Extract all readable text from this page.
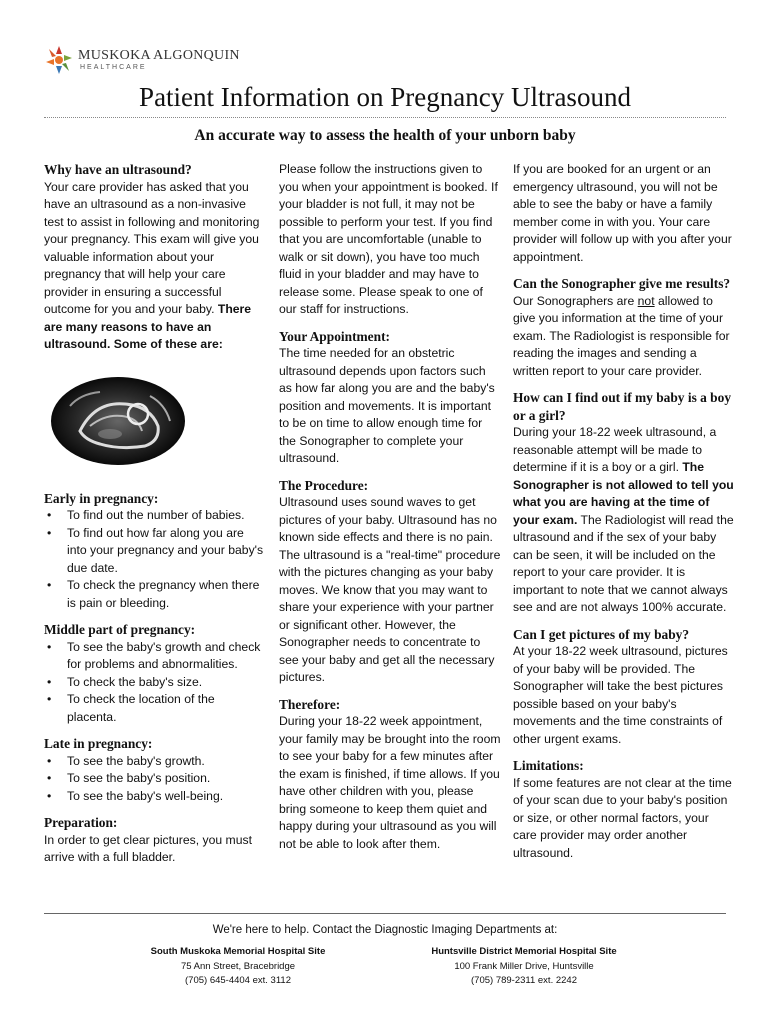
MUSKOKA ALGONQUIN
HEALTHCARE
Patient Information on Pregnancy Ultrasound
An accurate way to assess the health of your unborn baby
Why have an ultrasound?

Your care provider has asked that you have an ultrasound as a non-invasive test to assist in following and monitoring your pregnancy. This exam will give you valuable information about your pregnancy that will help your care provider in ensuring a successful outcome for you and your baby. There are many reasons to have an ultrasound. Some of these are:

Early in pregnancy:
• To find out the number of babies.
• To find out how far along you are into your pregnancy and your baby's due date.
• To check the pregnancy when there is pain or bleeding.
Middle part of pregnancy:
• To see the baby's growth and check for problems and abnormalities.
• To check the baby's size.
• To check the location of the placenta.
Late in pregnancy:
• To see the baby's growth.
• To see the baby's position.
• To see the baby's well-being.
Preparation:

In order to get clear pictures, you must arrive with a full bladder.

Please follow the instructions given to you when your appointment is booked. If your bladder is not full, it may not be possible to perform your test. If you find that you are uncomfortable (unable to walk or sit down), you have too much fluid in your bladder and may have to release some. Please speak to one of our staff for instructions.

Your Appointment:

The time needed for an obstetric ultrasound depends upon factors such as how far along you are and the baby's position and movements. It is important to be on time to allow enough time for the Sonographer to complete your ultrasound.

The Procedure:

Ultrasound uses sound waves to get pictures of your baby. Ultrasound has no known side effects and there is no pain. The ultrasound is a "real-time" procedure with the pictures changing as your baby moves. We know that you may want to share your experience with your partner or significant other. However, the Sonographer needs to concentrate to see your baby and get all the necessary pictures.

Therefore:

During your 18-22 week appointment, your family may be brought into the room to see your baby for a few minutes after the exam is finished, if time allows. If you have other children with you, please bring someone to keep them quiet and happy during your ultrasound as you will not be able to look after them.

If you are booked for an urgent or an emergency ultrasound, you will not be able to see the baby or have a family member come in with you. Your care provider will follow up with you after your appointment.

Can the Sonographer give me results?

Our Sonographers are not allowed to give you information at the time of your exam. The Radiologist is responsible for reading the images and sending a written report to your care provider.

How can I find out if my baby is a boy or a girl?

During your 18-22 week ultrasound, a reasonable attempt will be made to determine if it is a boy or a girl. The Sonographer is not allowed to tell you what you are having at the time of your exam. The Radiologist will read the ultrasound and if the sex of your baby can be seen, it will be included on the report to your care provider. It is important to note that we cannot always see and are not always 100% accurate.

Can I get pictures of my baby?

At your 18-22 week ultrasound, pictures of your baby will be provided. The Sonographer will take the best pictures possible based on your baby's movements and the time constraints of other urgent exams.

Limitations:

If some features are not clear at the time of your scan due to your baby's position or size, or other normal factors, your care provider may order another ultrasound.

We're here to help. Contact the Diagnostic Imaging Departments at:
South Muskoka Memorial Hospital Site
75 Ann Street, Bracebridge
(705) 645-4404 ext. 3112
Huntsville District Memorial Hospital Site
100 Frank Miller Drive, Huntsville
(705) 789-2311 ext. 2242
